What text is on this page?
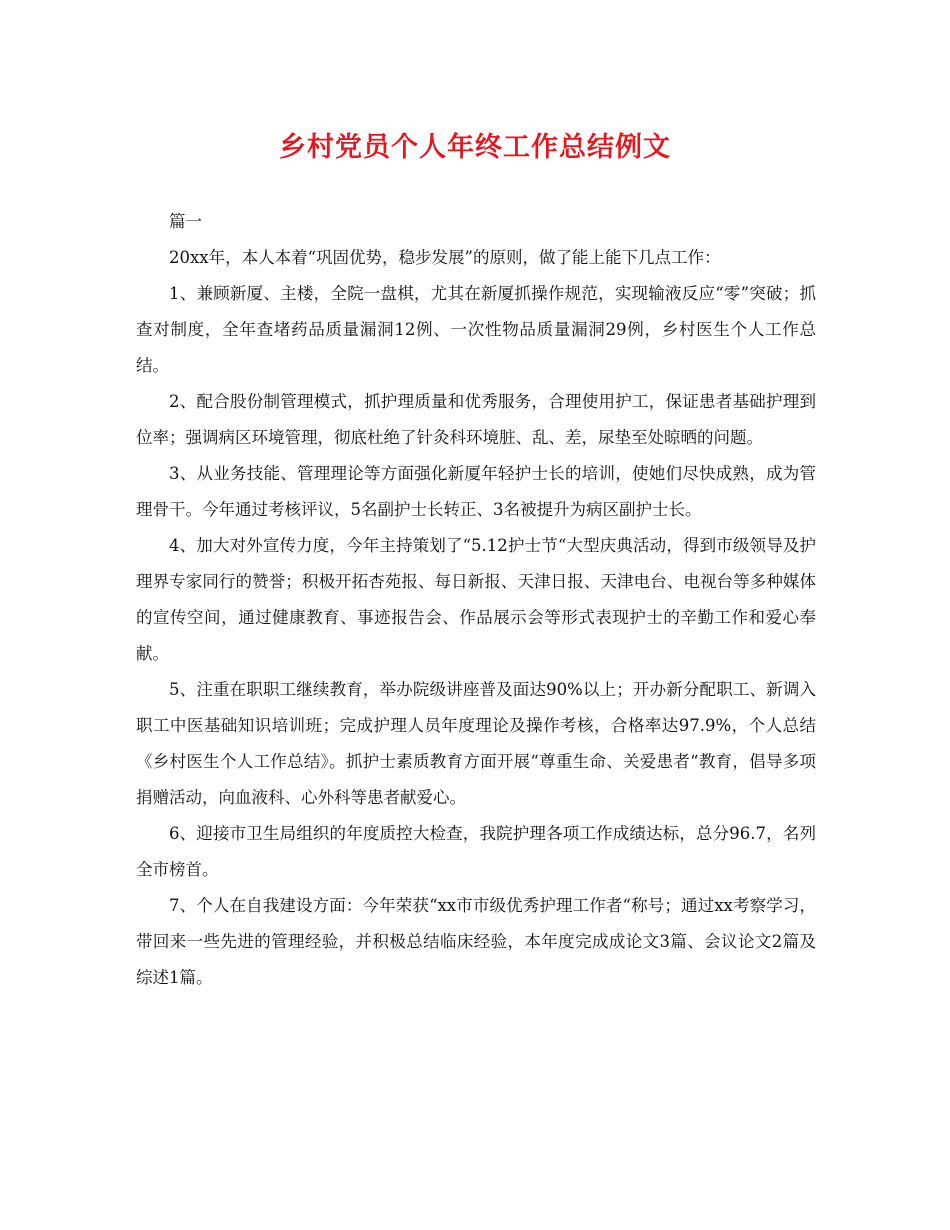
乡村党员个人年终工作总结例文

篇一

20xx年，本人本着“巩固优势，稳步发展”的原则，做了能上能下几点工作：

1、兼顾新厦、主楼，全院一盘棋，尤其在新厦抓操作规范，实现输液反应“零”突破；抓查对制度，全年查堵药品质量漏洞12例、一次性物品质量漏洞29例，乡村医生个人工作总结。

2、配合股份制管理模式，抓护理质量和优秀服务，合理使用护工，保证患者基础护理到位率；强调病区环境管理，彻底杜绝了针灸科环境脏、乱、差，尿垫至处晾晒的问题。

3、从业务技能、管理理论等方面强化新厦年轻护士长的培训，使她们尽快成熟，成为管理骨干。今年通过考核评议，5名副护士长转正、3名被提升为病区副护士长。

4、加大对外宣传力度，今年主持策划了“5.12护士节“大型庆典活动，得到市级领导及护理界专家同行的赞誉；积极开拓杏苑报、每日新报、天津日报、天津电台、电视台等多种媒体的宣传空间，通过健康教育、事迹报告会、作品展示会等形式表现护士的辛勤工作和爱心奉献。

5、注重在职职工继续教育，举办院级讲座普及面达90%以上；开办新分配职工、新调入职工中医基础知识培训班；完成护理人员年度理论及操作考核，合格率达97.9%，个人总结《乡村医生个人工作总结》。抓护士素质教育方面开展“尊重生命、关爱患者“教育，倡导多项捐赠活动，向血液科、心外科等患者献爱心。

6、迎接市卫生局组织的年度质控大检查，我院护理各项工作成绩达标，总分96.7，名列全市榜首。

7、个人在自我建设方面：今年荣获“xx市市级优秀护理工作者“称号；通过xx考察学习，带回来一些先进的管理经验，并积极总结临床经验，本年度完成成论文3篇、会议论文2篇及综述1篇。
